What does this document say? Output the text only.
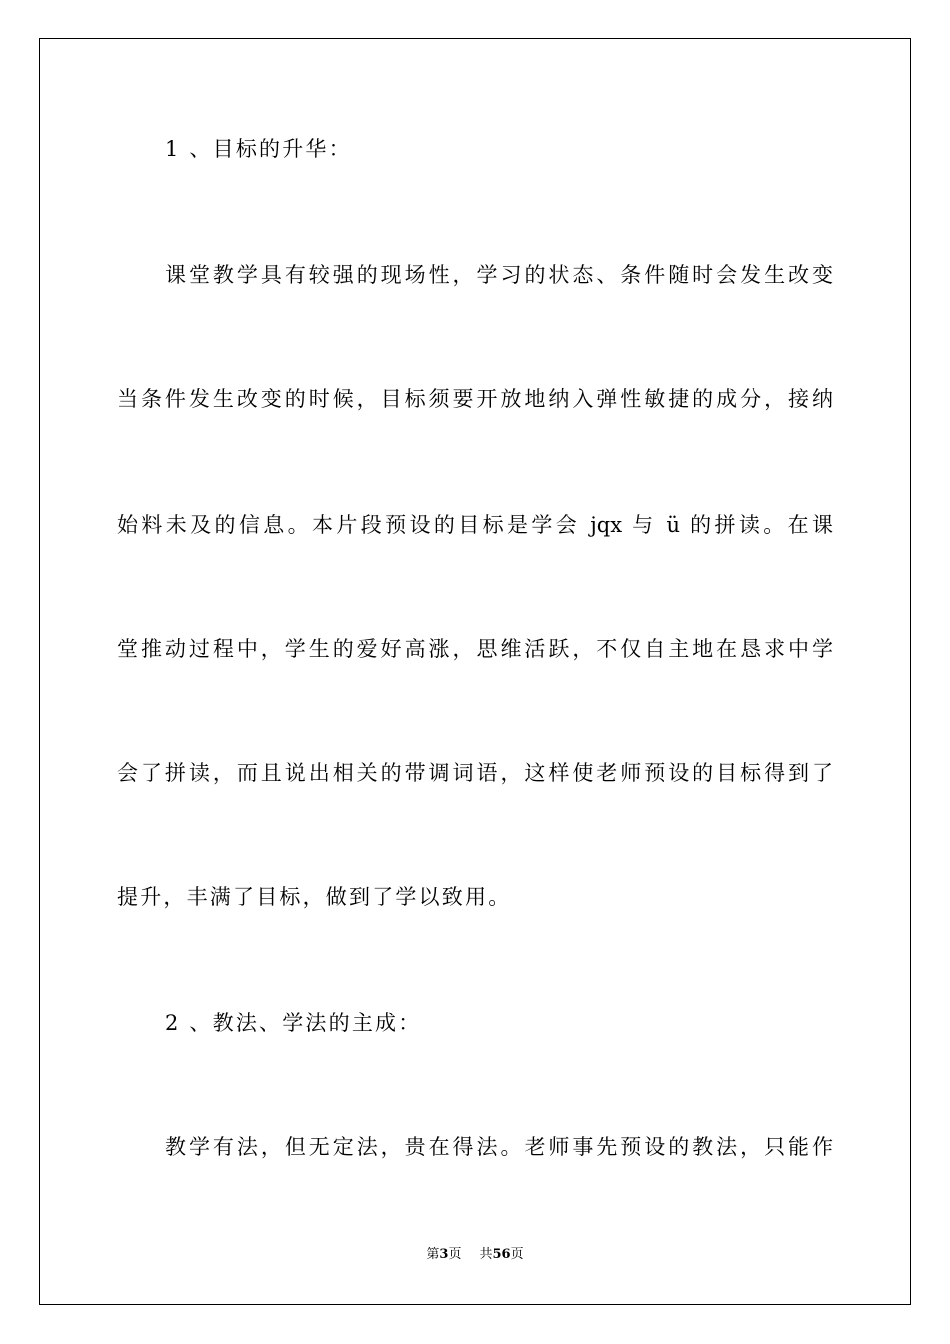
1 、目标的升华：
课堂教学具有较强的现场性，学习的状态、条件随时会发生改变
当条件发生改变的时候，目标须要开放地纳入弹性敏捷的成分，接纳
始料未及的信息。本片段预设的目标是学会 jqx 与 ü 的拼读。在课
堂推动过程中，学生的爱好高涨，思维活跃，不仅自主地在恳求中学
会了拼读，而且说出相关的带调词语，这样使老师预设的目标得到了
提升，丰满了目标，做到了学以致用。
2 、教法、学法的主成：
教学有法，但无定法，贵在得法。老师事先预设的教法，只能作
第3页 共56页
